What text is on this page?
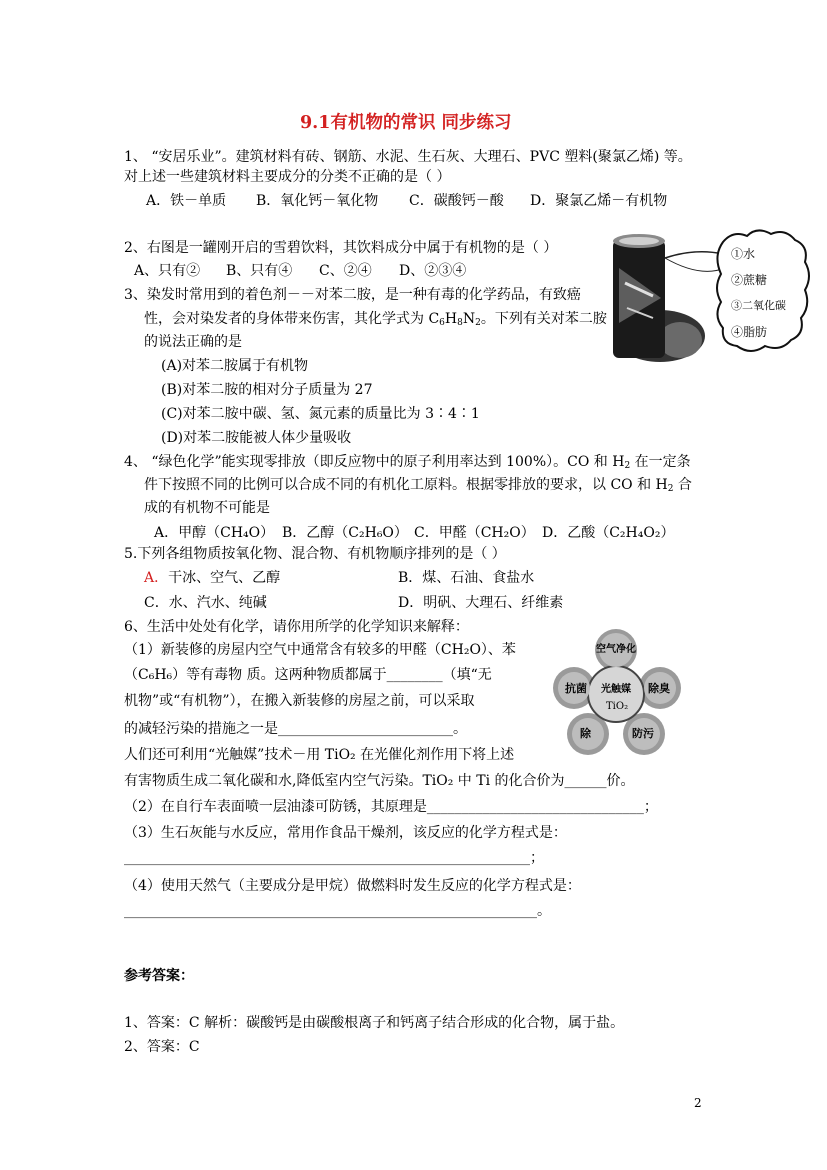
9.1有机物的常识 同步练习
1、 “安居乐业”。建筑材料有砖、钢筋、水泥、生石灰、大理石、PVC 塑料(聚氯乙烯) 等。
对上述一些建筑材料主要成分的分类不正确的是（ ）
A．铁－单质 B．氧化钙－氧化物 C．碳酸钙－酸 D．聚氯乙烯－有机物
2、右图是一罐刚开启的雪碧饮料，其饮料成分中属于有机物的是（ ）
A、只有② B、只有④ C、②④ D、②③④
①水
②蔗糖
③二氧化碳
④脂肪
3、染发时常用到的着色剂－－对苯二胺，是一种有毒的化学药品，有致癌
性，会对染发者的身体带来伤害，其化学式为 $C_6H_8N_2$。下列有关对苯二胺
的说法正确的是
(A)对苯二胺属于有机物
(B)对苯二胺的相对分子质量为 27
(C)对苯二胺中碳、氢、氮元素的质量比为 3∶4∶1
(D)对苯二胺能被人体少量吸收
4、 “绿色化学”能实现零排放（即反应物中的原子利用率达到 100%）。CO 和 $H_2$ 在一定条
件下按照不同的比例可以合成不同的有机化工原料。根据零排放的要求，以 CO 和 $H_2$ 合
成的有机物不可能是
A．甲醇（CH₄O） B．乙醇（C₂H₆O） C．甲醛（CH₂O） D．乙酸（C₂H₄O₂）
5.下列各组物质按氧化物、混合物、有机物顺序排列的是（ ）
A．干冰、空气、乙醇	B．煤、石油、食盐水
C．水、汽水、纯碱	D．明矾、大理石、纤维素
6、生活中处处有化学，请你用所学的化学知识来解释：
（1）新装修的房屋内空气中通常含有较多的甲醛（CH₂O）、苯
（C₆H₆）等有毒物 质。这两种物质都属于________（填“无
机物”或“有机物”），在搬入新装修的房屋之前，可以采取
的减轻污染的措施之一是_________________________。
人们还可利用“光触媒”技术－用 TiO₂ 在光催化剂作用下将上述
有害物质生成二氧化碳和水,降低室内空气污染。TiO₂ 中 Ti 的化合价为______价。
空气净化
抗菌 光触媒 除臭
TiO₂
防污
除
（2）在自行车表面喷一层油漆可防锈，其原理是_______________________________；
（3）生石灰能与水反应，常用作食品干燥剂，该反应的化学方程式是：
__________________________________________________________；
（4）使用天然气（主要成分是甲烷）做燃料时发生反应的化学方程式是：
___________________________________________________________。
参考答案：
1、答案：C 解析：碳酸钙是由碳酸根离子和钙离子结合形成的化合物，属于盐。
2、答案：C
2
